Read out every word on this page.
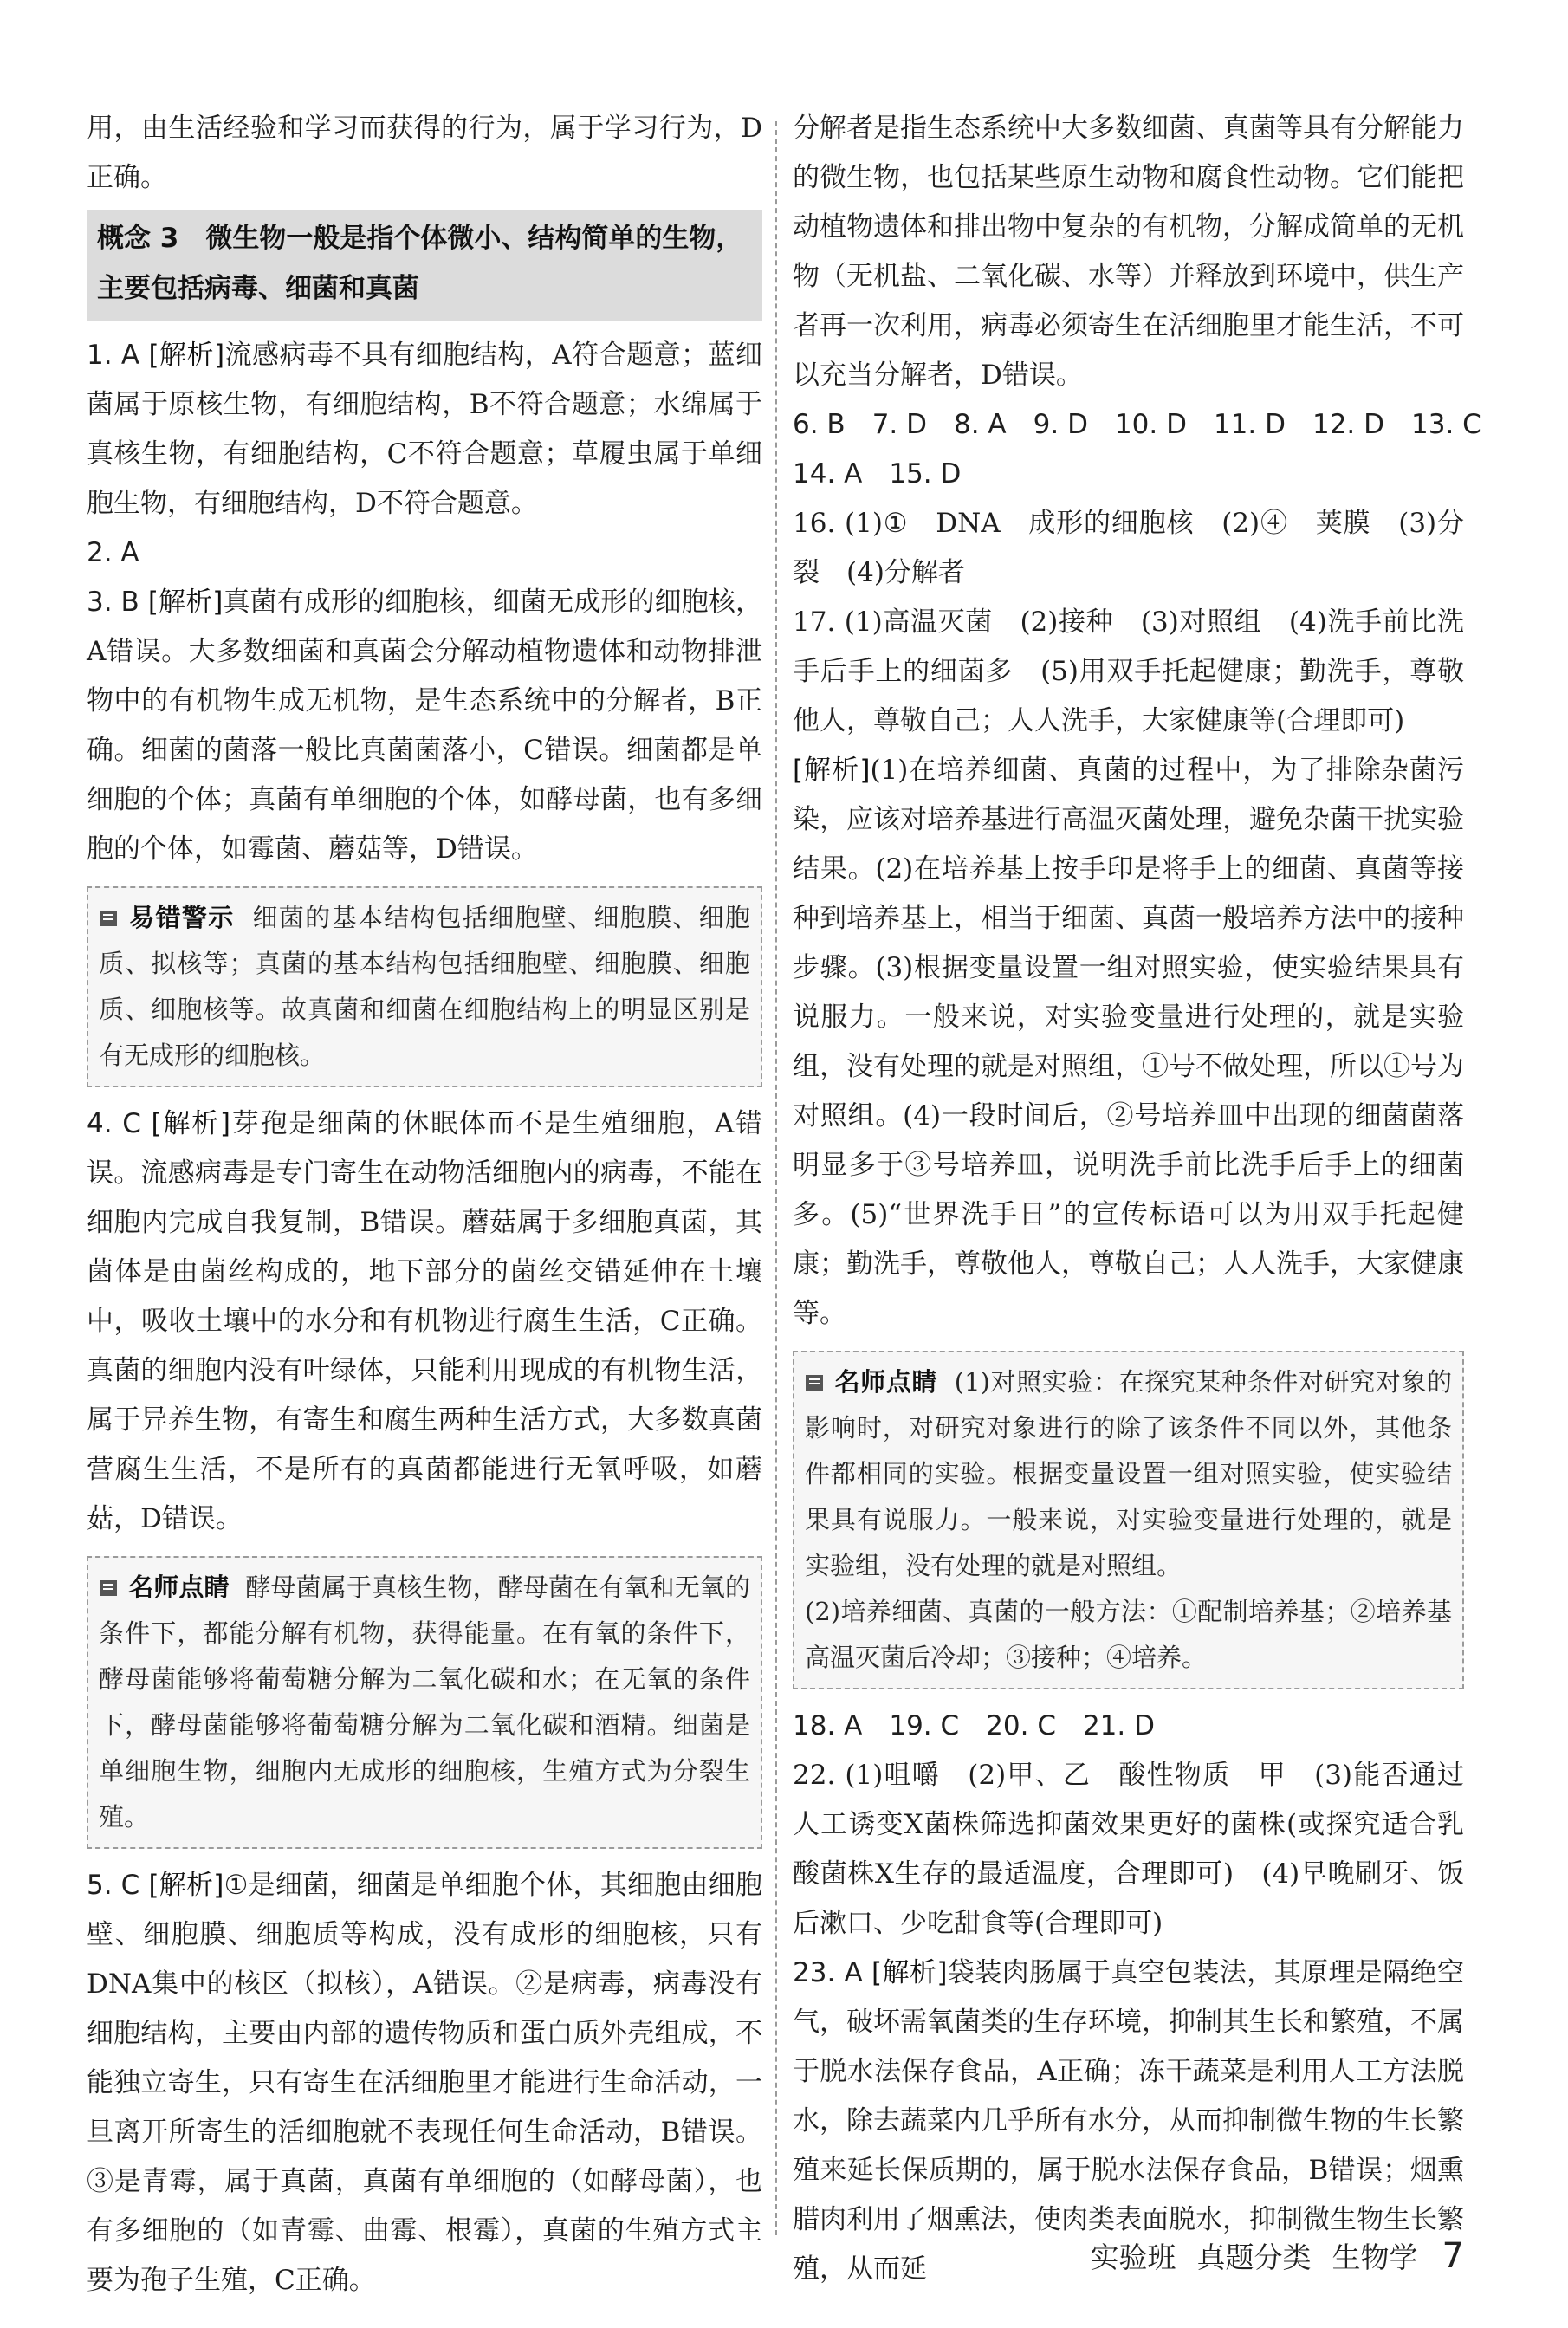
用，由生活经验和学习而获得的行为，属于学习行为，D正确。

概念 3　微生物一般是指个体微小、结构简单的生物，主要包括病毒、细菌和真菌

1. A [解析]流感病毒不具有细胞结构，A符合题意；蓝细菌属于原核生物，有细胞结构，B不符合题意；水绵属于真核生物，有细胞结构，C不符合题意；草履虫属于单细胞生物，有细胞结构，D不符合题意。

2. A

3. B [解析]真菌有成形的细胞核，细菌无成形的细胞核，A错误。大多数细菌和真菌会分解动植物遗体和动物排泄物中的有机物生成无机物，是生态系统中的分解者，B正确。细菌的菌落一般比真菌菌落小，C错误。细菌都是单细胞的个体；真菌有单细胞的个体，如酵母菌，也有多细胞的个体，如霉菌、蘑菇等，D错误。

易错警示 细菌的基本结构包括细胞壁、细胞膜、细胞质、拟核等；真菌的基本结构包括细胞壁、细胞膜、细胞质、细胞核等。故真菌和细菌在细胞结构上的明显区别是有无成形的细胞核。

4. C [解析]芽孢是细菌的休眠体而不是生殖细胞，A错误。流感病毒是专门寄生在动物活细胞内的病毒，不能在细胞内完成自我复制，B错误。蘑菇属于多细胞真菌，其菌体是由菌丝构成的，地下部分的菌丝交错延伸在土壤中，吸收土壤中的水分和有机物进行腐生生活，C正确。真菌的细胞内没有叶绿体，只能利用现成的有机物生活，属于异养生物，有寄生和腐生两种生活方式，大多数真菌营腐生生活，不是所有的真菌都能进行无氧呼吸，如蘑菇，D错误。

名师点睛 酵母菌属于真核生物，酵母菌在有氧和无氧的条件下，都能分解有机物，获得能量。在有氧的条件下，酵母菌能够将葡萄糖分解为二氧化碳和水；在无氧的条件下，酵母菌能够将葡萄糖分解为二氧化碳和酒精。细菌是单细胞生物，细胞内无成形的细胞核，生殖方式为分裂生殖。

5. C [解析]①是细菌，细菌是单细胞个体，其细胞由细胞壁、细胞膜、细胞质等构成，没有成形的细胞核，只有DNA集中的核区（拟核），A错误。②是病毒，病毒没有细胞结构，主要由内部的遗传物质和蛋白质外壳组成，不能独立寄生，只有寄生在活细胞里才能进行生命活动，一旦离开所寄生的活细胞就不表现任何生命活动，B错误。③是青霉，属于真菌，真菌有单细胞的（如酵母菌），也有多细胞的（如青霉、曲霉、根霉），真菌的生殖方式主要为孢子生殖，C正确。

分解者是指生态系统中大多数细菌、真菌等具有分解能力的微生物，也包括某些原生动物和腐食性动物。它们能把动植物遗体和排出物中复杂的有机物，分解成简单的无机物（无机盐、二氧化碳、水等）并释放到环境中，供生产者再一次利用，病毒必须寄生在活细胞里才能生活，不可以充当分解者，D错误。

6. B　7. D　8. A　9. D　10. D　11. D　12. D　13. C
14. A　15. D

16. (1)①　DNA　成形的细胞核　(2)④　荚膜　(3)分裂　(4)分解者

17. (1)高温灭菌　(2)接种　(3)对照组　(4)洗手前比洗手后手上的细菌多　(5)用双手托起健康；勤洗手，尊敬他人，尊敬自己；人人洗手，大家健康等(合理即可)

[解析](1)在培养细菌、真菌的过程中，为了排除杂菌污染，应该对培养基进行高温灭菌处理，避免杂菌干扰实验结果。(2)在培养基上按手印是将手上的细菌、真菌等接种到培养基上，相当于细菌、真菌一般培养方法中的接种步骤。(3)根据变量设置一组对照实验，使实验结果具有说服力。一般来说，对实验变量进行处理的，就是实验组，没有处理的就是对照组，①号不做处理，所以①号为对照组。(4)一段时间后，②号培养皿中出现的细菌菌落明显多于③号培养皿，说明洗手前比洗手后手上的细菌多。(5)“世界洗手日”的宣传标语可以为用双手托起健康；勤洗手，尊敬他人，尊敬自己；人人洗手，大家健康等。

名师点睛 (1)对照实验：在探究某种条件对研究对象的影响时，对研究对象进行的除了该条件不同以外，其他条件都相同的实验。根据变量设置一组对照实验，使实验结果具有说服力。一般来说，对实验变量进行处理的，就是实验组，没有处理的就是对照组。
(2)培养细菌、真菌的一般方法：①配制培养基；②培养基高温灭菌后冷却；③接种；④培养。
18. A　19. C　20. C　21. D

22. (1)咀嚼　(2)甲、乙　酸性物质　甲　(3)能否通过人工诱变X菌株筛选抑菌效果更好的菌株(或探究适合乳酸菌株X生存的最适温度，合理即可)　(4)早晚刷牙、饭后漱口、少吃甜食等(合理即可)

23. A [解析]袋装肉肠属于真空包装法，其原理是隔绝空气，破坏需氧菌类的生存环境，抑制其生长和繁殖，不属于脱水法保存食品，A正确；冻干蔬菜是利用人工方法脱水，除去蔬菜内几乎所有水分，从而抑制微生物的生长繁殖来延长保质期的，属于脱水法保存食品，B错误；烟熏腊肉利用了烟熏法，使肉类表面脱水，抑制微生物生长繁殖，从而延	实验班 真题分类 生物学 7
